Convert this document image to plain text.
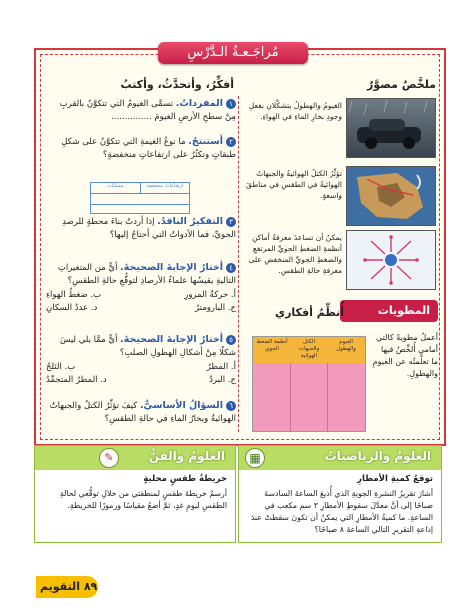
مُراجَـعـةُ الـدَّرْسِ
أفكِّرُ، وأتحدَّثُ، وأكتبُ	ملخَّصٌ مصوَّرٌ
١المفرداتُ. تسمَّى الغيومُ التي تتكوَّنُ بالقربِ مِنْ سطحِ الأرضِ الغيومَ ...............
٢أستنتجُ. ما نوعُ الغيمةِ التي تتكوَّنُ على شكلِ طبقاتٍ وتكثُرُ على ارتفاعاتٍ منخفضةٍ؟
ارتفاعاتٌ منخفضة
مسبَّبات
٣التفكيرُ الناقدُ. إذا أردتُ بناءَ محطةٍ للرصدِ الجويِّ، فما الأدواتُ التي أحتاجُ إليها؟
٤أختارُ الإجابةَ الصحيحةَ. أيٌّ من المتغيراتِ التاليةِ يقيسُها علماءُ الأرصادِ لتوقُّعِ حالةِ الطقسِ؟
أ. حركةُ المرورِ
ب. ضغطُ الهواءِ
ج. البارومترُ
د. عددُ السكانِ
٥أختارُ الإجابةَ الصحيحةَ. أيٌّ ممَّا يلي ليسَ شكلًا مِنْ أشكالِ الهطولِ الصلبِ؟
أ. المطرُ
ب. الثلجُ
ج. البردُ
د. المطرُ المتجمِّدُ
٦السؤالُ الأساسيُّ. كيفَ تؤثِّرُ الكتلُ والجبهاتُ الهوائيةُ وبخارُ الماءِ في حالةِ الطقسِ؟
الغيومُ والهطولُ يتشكَّلانِ بفعلِ وجودِ بخارِ الماءِ في الهواءِ.
تؤثِّرُ الكتلُ الهوائيةُ والجبهاتُ الهوائيةُ في الطقسِ في مناطقَ واسعةٍ.
يمكنُ أن تساعدَ معرفةُ أماكنِ أنظمةِ الضغطِ الجويِّ المرتفعِ والضغطِ الجويِّ المنخفضِ على معرفةِ حالةِ الطقسِ.
المطويات
أُنظِّمُ أفكاري
أعملُ مطويةً كالتي أمامي أُلخِّصُ فيها ما تعلَّمتُه عن الغيومِ والهطولِ.
أنظمة الضغط الجوي
الكتل والجبهات الهوائية
الغيوم والهطول
العلومُ والرياضياتُ
▦
توقعُ كميةِ الأمطارِ
أشارَ تقريرُ النشرةِ الجويةِ الذي أُذيعَ الساعةَ السادسةَ صباحًا إلى أنَّ معدَّلَ سقوطِ الأمطارِ ٣ سم مكعب في الساعةِ. ما كميةُ الأمطارِ التي يمكنُ أن تكونَ سقطتْ عندَ إذاعةِ التقريرِ التالي الساعةَ ٨ صباحًا؟
العلومُ والفنُّ
✎
خريطةُ طقسٍ محليةٍ
أرسمُ خريطةَ طقسٍ لمنطقتي من خلالِ توقُّعي لحالةِ الطقسِ ليومِ غدٍ، ثمَّ أضعُ مقياسًا ورموزًا للخريطةِ.
٨٩ التقويم
